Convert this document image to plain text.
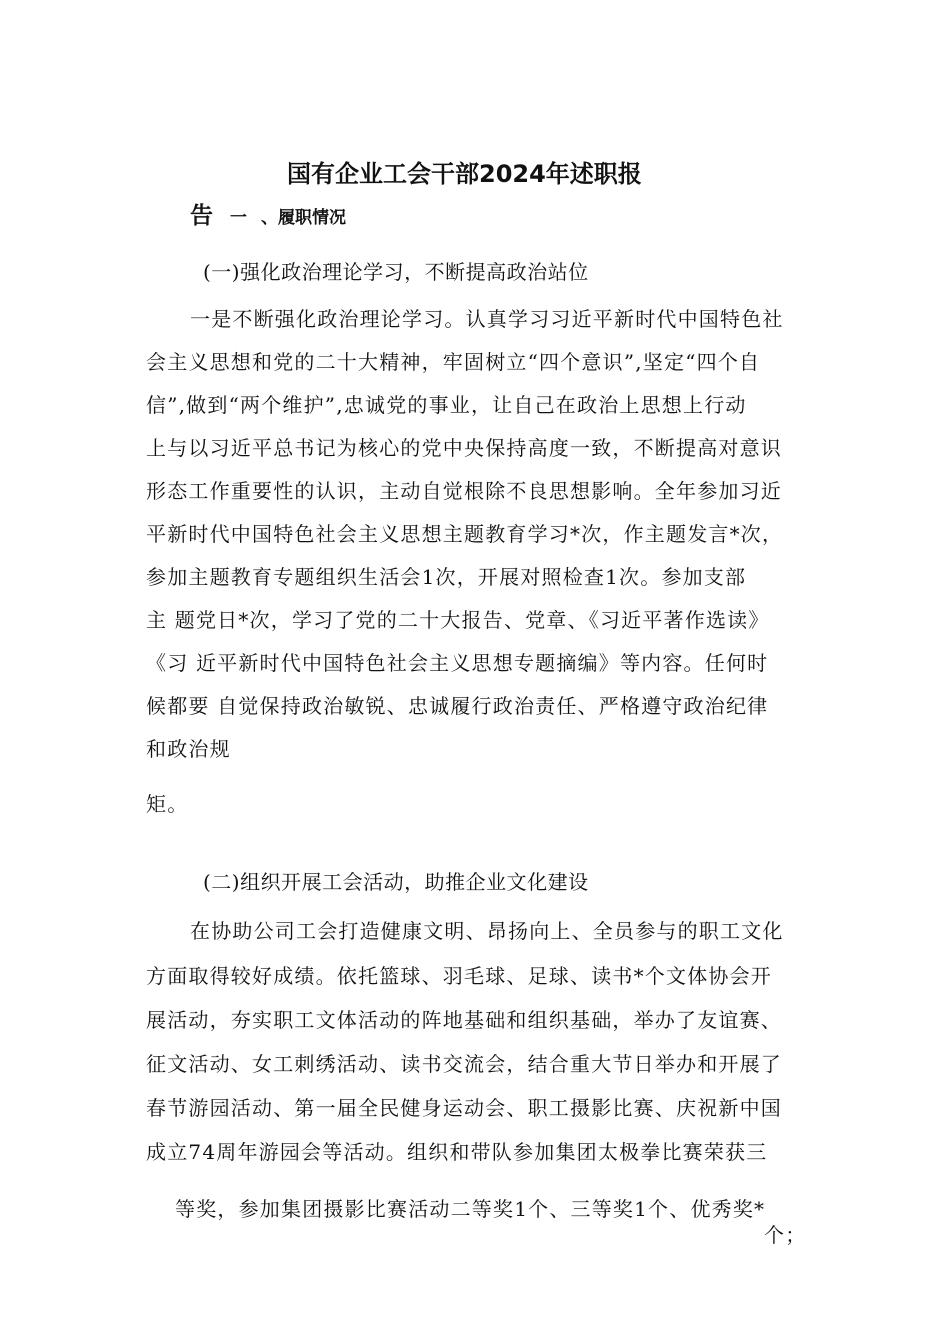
国有企业工会干部2024年述职报
告 一 、履职情况
(一)强化政治理论学习，不断提高政治站位
一是不断强化政治理论学习。认真学习习近平新时代中国特色社
会主义思想和党的二十大精神，牢固树立“四个意识”,坚定“四个自
信”,做到“两个维护”,忠诚党的事业，让自己在政治上思想上行动
上与以习近平总书记为核心的党中央保持高度一致，不断提高对意识
形态工作重要性的认识，主动自觉根除不良思想影响。全年参加习近
平新时代中国特色社会主义思想主题教育学习*次，作主题发言*次，
参加主题教育专题组织生活会1次，开展对照检查1次。参加支部
主 题党日*次，学习了党的二十大报告、党章、《习近平著作选读》
《习 近平新时代中国特色社会主义思想专题摘编》等内容。任何时
候都要 自觉保持政治敏锐、忠诚履行政治责任、严格遵守政治纪律
和政治规
矩。
(二)组织开展工会活动，助推企业文化建设
在协助公司工会打造健康文明、昂扬向上、全员参与的职工文化
方面取得较好成绩。依托篮球、羽毛球、足球、读书*个文体协会开
展活动，夯实职工文体活动的阵地基础和组织基础，举办了友谊赛、
征文活动、女工刺绣活动、读书交流会，结合重大节日举办和开展了
春节游园活动、第一届全民健身运动会、职工摄影比赛、庆祝新中国
成立74周年游园会等活动。组织和带队参加集团太极拳比赛荣获三
等奖，参加集团摄影比赛活动二等奖1个、三等奖1个、优秀奖*
个；
